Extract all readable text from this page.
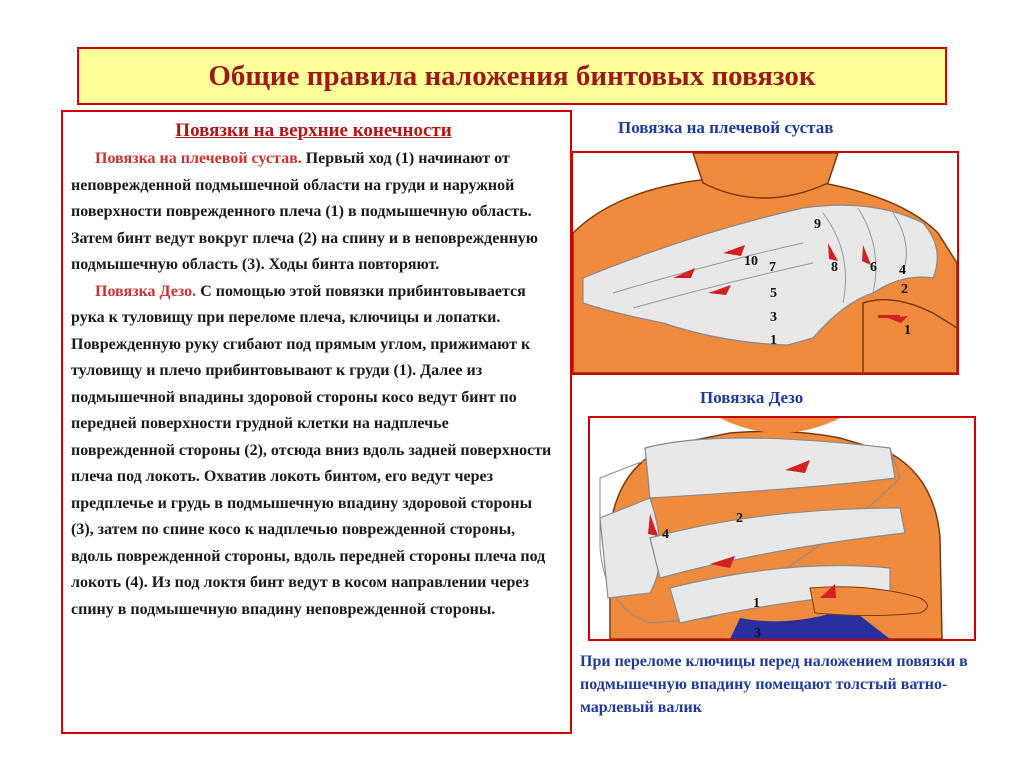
Общие правила наложения бинтовых повязок

Повязки на верхние конечности

Повязка на плечевой сустав. Первый ход (1) начинают от неповрежденной подмышечной области на груди и наружной поверхности поврежденного плеча (1) в подмышечную область. Затем бинт ведут вокруг плеча (2) на спину и в неповрежденную подмышечную область (3). Ходы бинта повторяют.

Повязка Дезо. С помощью этой повязки прибинтовывается рука к туловищу при переломе плеча, ключицы и лопатки. Поврежденную руку сгибают под прямым углом, прижимают к туловищу и плечо прибинтовывают к груди (1). Далее из подмышечной впадины здоровой стороны косо ведут бинт по передней поверхности грудной клетки на надплечье поврежденной стороны (2), отсюда вниз вдоль задней поверхности плеча под локоть. Охватив локоть бинтом, его ведут через предплечье и грудь в подмышечную впадину здоровой стороны (3), затем по спине косо к надплечью поврежденной стороны, вдоль поврежденной стороны, вдоль передней стороны плеча под локоть (4). Из под локтя бинт ведут в косом направлении через спину в подмышечную впадину неповрежденной стороны.

Повязка на плечевой сустав
9
10 7	8 6 4
2
5
3
1
1
Повязка Дезо
2
4
1
3
При переломе ключицы перед наложением повязки в подмышечную впадину помещают толстый ватно-марлевый валик
